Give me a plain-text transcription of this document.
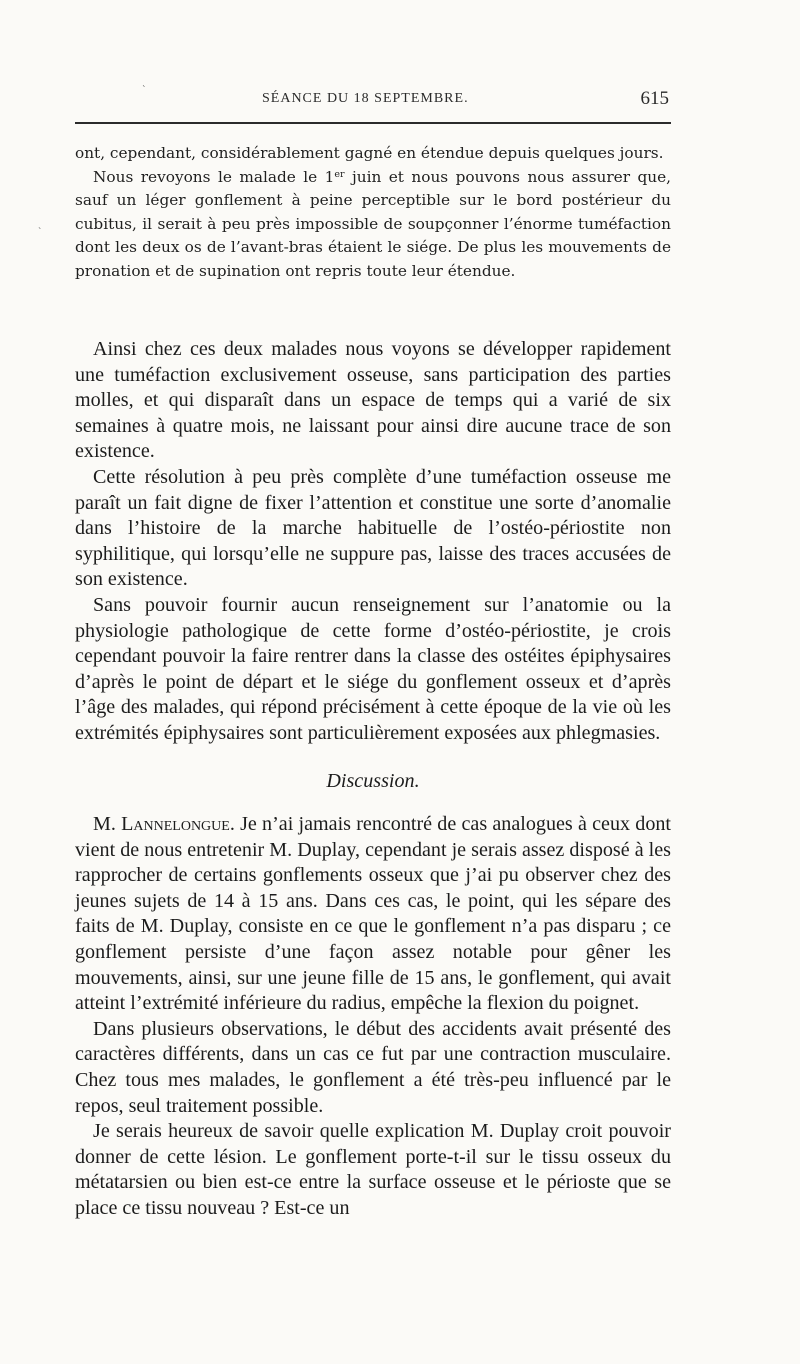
ˋ
˴
SÉANCE DU 18 SEPTEMBRE.	615

ont, cependant, considérablement gagné en étendue depuis quelques jours.

Nous revoyons le malade le 1er juin et nous pouvons nous assurer que, sauf un léger gonflement à peine perceptible sur le bord postérieur du cubitus, il serait à peu près impossible de soupçonner l’énorme tuméfaction dont les deux os de l’avant-bras étaient le siége. De plus les mouvements de pronation et de supination ont repris toute leur étendue.

Ainsi chez ces deux malades nous voyons se développer rapidement une tuméfaction exclusivement osseuse, sans participation des parties molles, et qui disparaît dans un espace de temps qui a varié de six semaines à quatre mois, ne laissant pour ainsi dire aucune trace de son existence.

Cette résolution à peu près complète d’une tuméfaction osseuse me paraît un fait digne de fixer l’attention et constitue une sorte d’anomalie dans l’histoire de la marche habituelle de l’ostéo-périostite non syphilitique, qui lorsqu’elle ne suppure pas, laisse des traces accusées de son existence.

Sans pouvoir fournir aucun renseignement sur l’anatomie ou la physiologie pathologique de cette forme d’ostéo-périostite, je crois cependant pouvoir la faire rentrer dans la classe des ostéites épiphysaires d’après le point de départ et le siége du gonflement osseux et d’après l’âge des malades, qui répond précisément à cette époque de la vie où les extrémités épiphysaires sont particulièrement exposées aux phlegmasies.

Discussion.

M. Lannelongue. Je n’ai jamais rencontré de cas analogues à ceux dont vient de nous entretenir M. Duplay, cependant je serais assez disposé à les rapprocher de certains gonflements osseux que j’ai pu observer chez des jeunes sujets de 14 à 15 ans. Dans ces cas, le point, qui les sépare des faits de M. Duplay, consiste en ce que le gonflement n’a pas disparu ; ce gonflement persiste d’une façon assez notable pour gêner les mouvements, ainsi, sur une jeune fille de 15 ans, le gonflement, qui avait atteint l’extrémité inférieure du radius, empêche la flexion du poignet.

Dans plusieurs observations, le début des accidents avait présenté des caractères différents, dans un cas ce fut par une contraction musculaire. Chez tous mes malades, le gonflement a été très-peu influencé par le repos, seul traitement possible.

Je serais heureux de savoir quelle explication M. Duplay croit pouvoir donner de cette lésion. Le gonflement porte-t-il sur le tissu osseux du métatarsien ou bien est-ce entre la surface osseuse et le périoste que se place ce tissu nouveau ? Est-ce un
